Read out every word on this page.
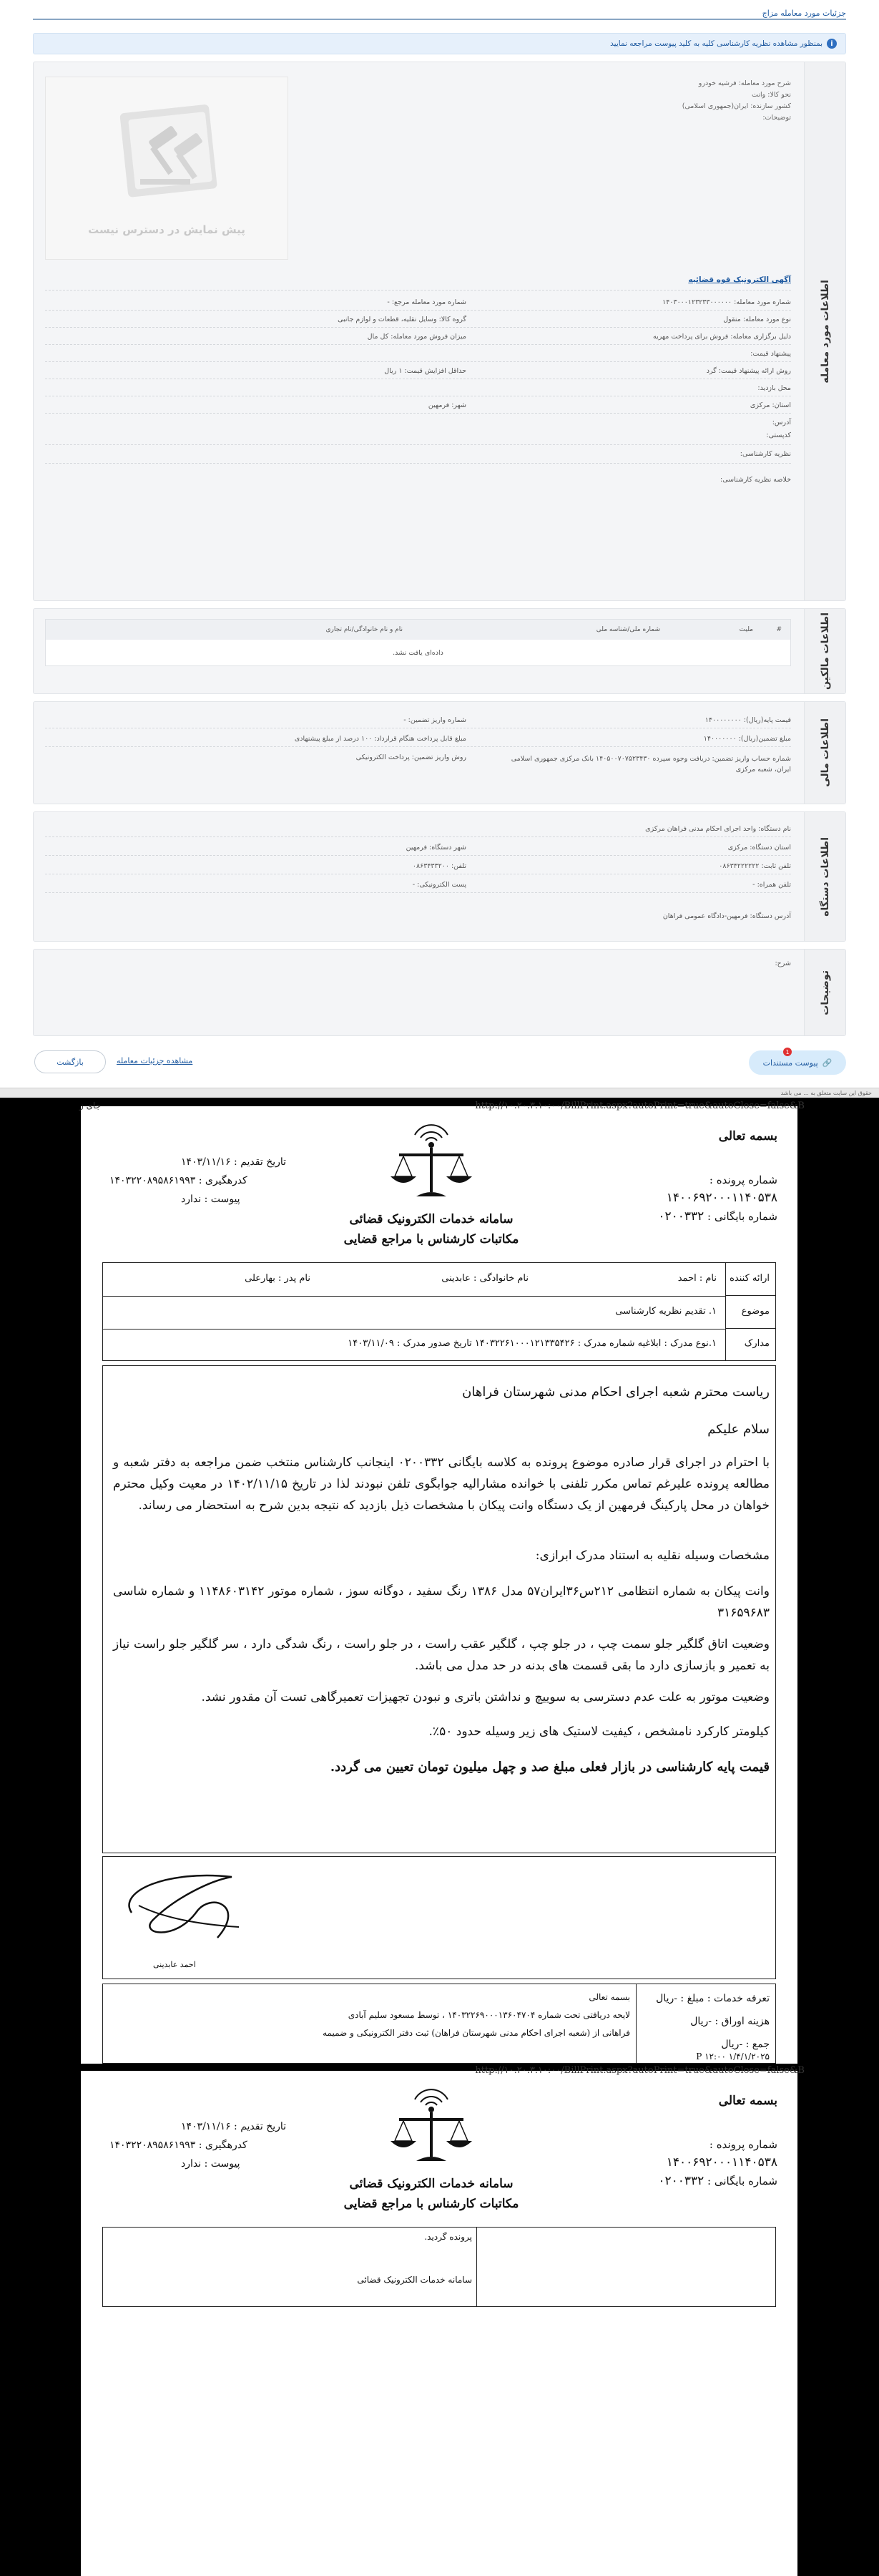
جزئیات مورد معامله مزاج
i
بمنظور مشاهده نظریه کارشناسی کلیه به کلید پیوست مراجعه نمایید
اطلاعات مورد معامله
شرح مورد معامله: فرشیه خودرو
نحو کالا: وانت
کشور سازنده: ایران(جمهوری اسلامی)
توضیحات:
پیش نمایش در دسترس نیست
آگهی الکترونیک قوه قضائیه
شماره مورد معامله: ۱۴۰۳۰۰۰۱۲۳۲۳۳۰۰۰۰۰۰
شماره مورد معامله مرجع: -
نوع مورد معامله: منقول
گروه کالا: وسایل نقلیه، قطعات و لوازم جانبی
دلیل برگزاری معامله: فروش برای پرداخت مهریه
میزان فروش مورد معامله: کل مال
پیشنهاد قیمت:
روش ارائه پیشنهاد قیمت: گرد
حداقل افزایش قیمت: ۱ ریال
محل بازدید:
استان: مرکزی
شهر: فرمهین
آدرس:
کدپستی:
نظریه کارشناسی:
خلاصه نظریه کارشناسی:
اطلاعات مالکین
#
ملیت
شماره ملی/شناسه ملی
نام و نام خانوادگی/نام تجاری
داده‌ای یافت نشد.
اطلاعات مالی
قیمت پایه(ریال): ۱۴۰۰۰۰۰۰۰۰
شماره واریز تضمین: -
مبلغ تضمین(ریال): ۱۴۰۰۰۰۰۰۰
مبلغ قابل پرداخت هنگام قرارداد: ۱۰۰ درصد از مبلغ پیشنهادی
شماره حساب واریز تضمین: دریافت وجوه سپرده ۱۴۰۵۰۰۷۰۷۵۲۳۴۳۰ بانک مرکزی جمهوری اسلامی ایران، شعبه مرکزی
روش واریز تضمین: پرداخت الکترونیکی
اطلاعات دستگاه
نام دستگاه: واحد اجرای احکام مدنی فراهان مرکزی
استان دستگاه: مرکزی
شهر دستگاه: فرمهین
تلفن ثابت: ۰۸۶۳۴۲۲۲۲۲۲
تلفن: ۰۸۶۳۴۳۳۲۰۰
تلفن همراه: -
پست الکترونیکی: -
آدرس دستگاه: فرمهین-دادگاه عمومی فراهان
توضیحات
شرح:
بازگشت	مشاهده جزئیات معامله	🔗
پیوست مستندات
1
حقوق این سایت متعلق به ... می باشد
http://۱۰.۲۰.۳.۱۰:۰۰/BillPrint.aspx?autoPrint=true&autoClose=false&B
جای ز
بسمه تعالی
شماره پرونده :
۱۴۰۰۶۹۲۰۰۰۱۱۴۰۵۳۸
شماره بایگانی : ۰۲۰۰۳۳۲
سامانه خدمات الکترونیک قضائی
مکاتبات کارشناس با مراجع قضایی
تاریخ تقدیم : ۱۴۰۳/۱۱/۱۶
کدرهگیری : ۱۴۰۳۲۲۰۸۹۵۸۶۱۹۹۳
پیوست : ندارد
ارائه کننده
نام : احمد
نام خانوادگی : عابدینی
نام پدر : بهارعلی
موضوع
۱. تقدیم نظریه کارشناسی
مدارک
۱.نوع مدرک : ابلاغیه شماره مدرک : ۱۴۰۳۲۲۶۱۰۰۰۱۲۱۳۳۵۴۲۶ تاریخ صدور مدرک : ۱۴۰۳/۱۱/۰۹
ریاست محترم شعبه اجرای احکام مدنی شهرستان فراهان
سلام علیکم
با احترام در اجرای قرار صادره موضوع پرونده به کلاسه بایگانی ۰۲۰۰۳۳۲ اینجانب کارشناس منتخب ضمن مراجعه به دفتر شعبه و مطالعه پرونده علیرغم تماس مکرر تلفنی با خوانده مشارالیه جوابگوی تلفن نبودند لذا در تاریخ ۱۴۰۲/۱۱/۱۵ در معیت وکیل محترم خواهان در محل پارکینگ فرمهین از یک دستگاه وانت پیکان با مشخصات ذیل بازدید که نتیجه بدین شرح به استحضار می رساند.
مشخصات وسیله نقلیه به استناد مدرک ابرازی:
وانت پیکان به شماره انتظامی ۲۱۲س۳۶ایران۵۷ مدل ۱۳۸۶ رنگ سفید ، دوگانه سوز ، شماره موتور ۱۱۴۸۶۰۳۱۴۲ و شماره شاسی ۳۱۶۵۹۶۸۳
وضعیت اتاق گلگیر جلو سمت چپ ، در جلو چپ ، گلگیر عقب راست ، در جلو راست ، رنگ شدگی دارد ، سر گلگیر جلو راست نیاز به تعمیر و بازسازی دارد ما بقی قسمت های بدنه در حد مدل می باشد.
وضعیت موتور به علت عدم دسترسی به سوییچ و نداشتن باتری و نبودن تجهیزات تعمیرگاهی تست آن مقدور نشد.
کیلومتر کارکرد نامشخص ، کیفیت لاستیک های زیر وسیله حدود ۵۰٪.
قیمت پایه کارشناسی در بازار فعلی مبلغ صد و چهل میلیون تومان تعیین می گردد.
احمد عابدینی
تعرفه خدمات : مبلغ : -ریال
هزینه اوراق : -ریال
جمع : -ریال
۱/۴/۱/۲۰۲۵ ۱۲:۰۰ P
بسمه تعالی
لایحه دریافتی تحت شماره ۱۴۰۳۲۲۶۹۰۰۰۱۳۶۰۴۷۰۴ ، توسط مسعود سلیم آبادی
فراهانی از (شعبه اجرای احکام مدنی شهرستان فراهان) ثبت دفتر الکترونیکی و ضمیمه
of ۱
http://۱۰.۲۰.۳.۱۰:۰۰/BillPrint.aspx?autoPrint=true&autoClose=false&B
بسمه تعالی
شماره پرونده :
۱۴۰۰۶۹۲۰۰۰۱۱۴۰۵۳۸
شماره بایگانی : ۰۲۰۰۳۳۲
سامانه خدمات الکترونیک قضائی
مکاتبات کارشناس با مراجع قضایی
تاریخ تقدیم : ۱۴۰۳/۱۱/۱۶
کدرهگیری : ۱۴۰۳۲۲۰۸۹۵۸۶۱۹۹۳
پیوست : ندارد
پرونده گردید.
سامانه خدمات الکترونیک قضائی
